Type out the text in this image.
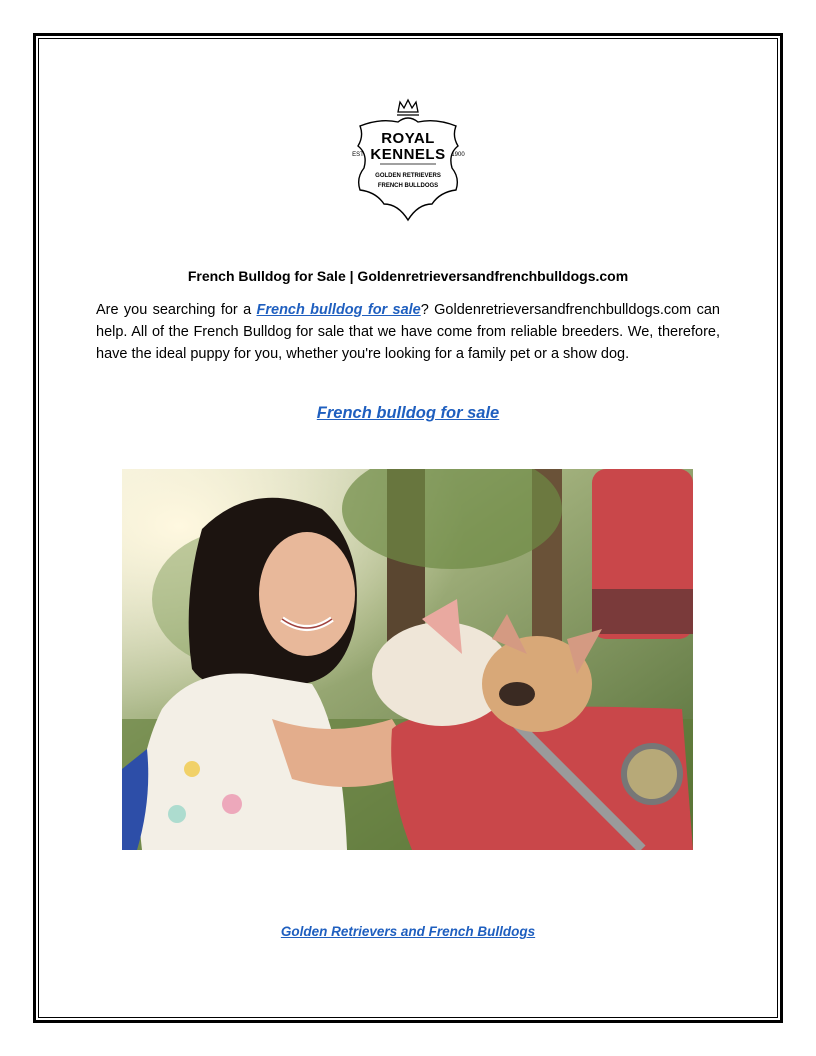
ROYAL
KENNELS
EST	1900
GOLDEN RETRIEVERS
FRENCH BULLDOGS
French Bulldog for Sale | Goldenretrieversandfrenchbulldogs.com
Are you searching for a French bulldog for sale? Goldenretrieversandfrenchbulldogs.com can help. All of the French Bulldog for sale that we have come from reliable breeders. We, therefore, have the ideal puppy for you, whether you're looking for a family pet or a show dog.
French bulldog for sale
Golden Retrievers and French Bulldogs
